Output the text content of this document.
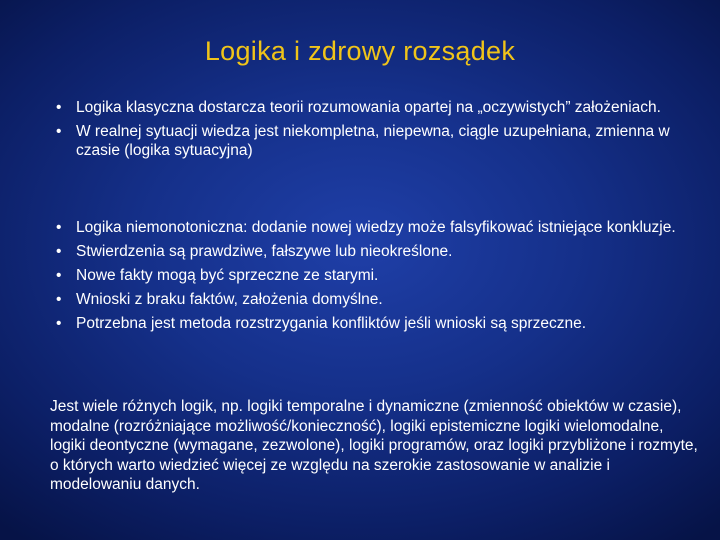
Logika i zdrowy rozsądek
• Logika klasyczna dostarcza teorii rozumowania opartej na „oczywistych” założeniach.
• W realnej sytuacji wiedza jest niekompletna, niepewna, ciągle uzupełniana, zmienna w czasie (logika sytuacyjna)
• Logika niemonotoniczna: dodanie nowej wiedzy może falsyfikować istniejące konkluzje.
• Stwierdzenia są prawdziwe, fałszywe lub nieokreślone.
• Nowe fakty mogą być sprzeczne ze starymi.
• Wnioski z braku faktów, założenia domyślne.
• Potrzebna jest metoda rozstrzygania konfliktów jeśli wnioski są sprzeczne.

Jest wiele różnych logik, np. logiki temporalne i dynamiczne (zmienność obiektów w czasie), modalne (rozróżniające możliwość/konieczność), logiki epistemiczne logiki wielomodalne, logiki deontyczne (wymagane, zezwolone), logiki programów, oraz logiki przybliżone i rozmyte, o których warto wiedzieć więcej ze względu na szerokie zastosowanie w analizie i modelowaniu danych.
